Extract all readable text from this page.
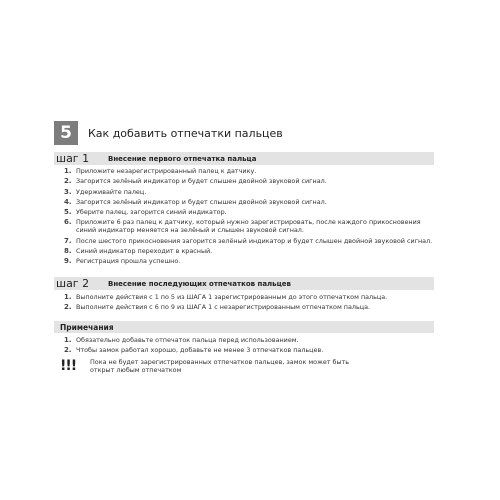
5	Как добавить отпечатки пальцев
шаг 1	Внесение первого отпечатка пальца
1. Приложите незарегистрированный палец к датчику.
2. Загорится зелёный индикатор и будет слышен двойной звуковой сигнал.
3. Удерживайте палец.
4. Загорится зелёный индикатор и будет слышен двойной звуковой сигнал.
5. Уберите палец, загорится синий индикатор.
6. Приложите 6 раз палец к датчику, который нужно зарегистрировать, после каждого прикосновения синий индикатор меняется на зелёный и слышен звуковой сигнал.
7. После шестого прикосновения загорится зелёный индикатор и будет слышен двойной звуковой сигнал.
8. Синий индикатор переходит в красный.
9. Регистрация прошла успешно.
шаг 2	Внесение последующих отпечатков пальцев
1. Выполните действия с 1 по 5 из ШАГА 1 зарегистрированным до этого отпечатком пальца.
2. Выполните действия с 6 по 9 из ШАГА 1 с незарегистрированным отпечатком пальца.
Примечания
1. Обязательно добавьте отпечаток пальца перед использованием.
2. Чтобы замок работал хорошо, добавьте не менее 3 отпечатков пальцев.
!!!	Пока не будет зарегистрированных отпечатков пальцев, замок может быть открыт любым отпечатком
